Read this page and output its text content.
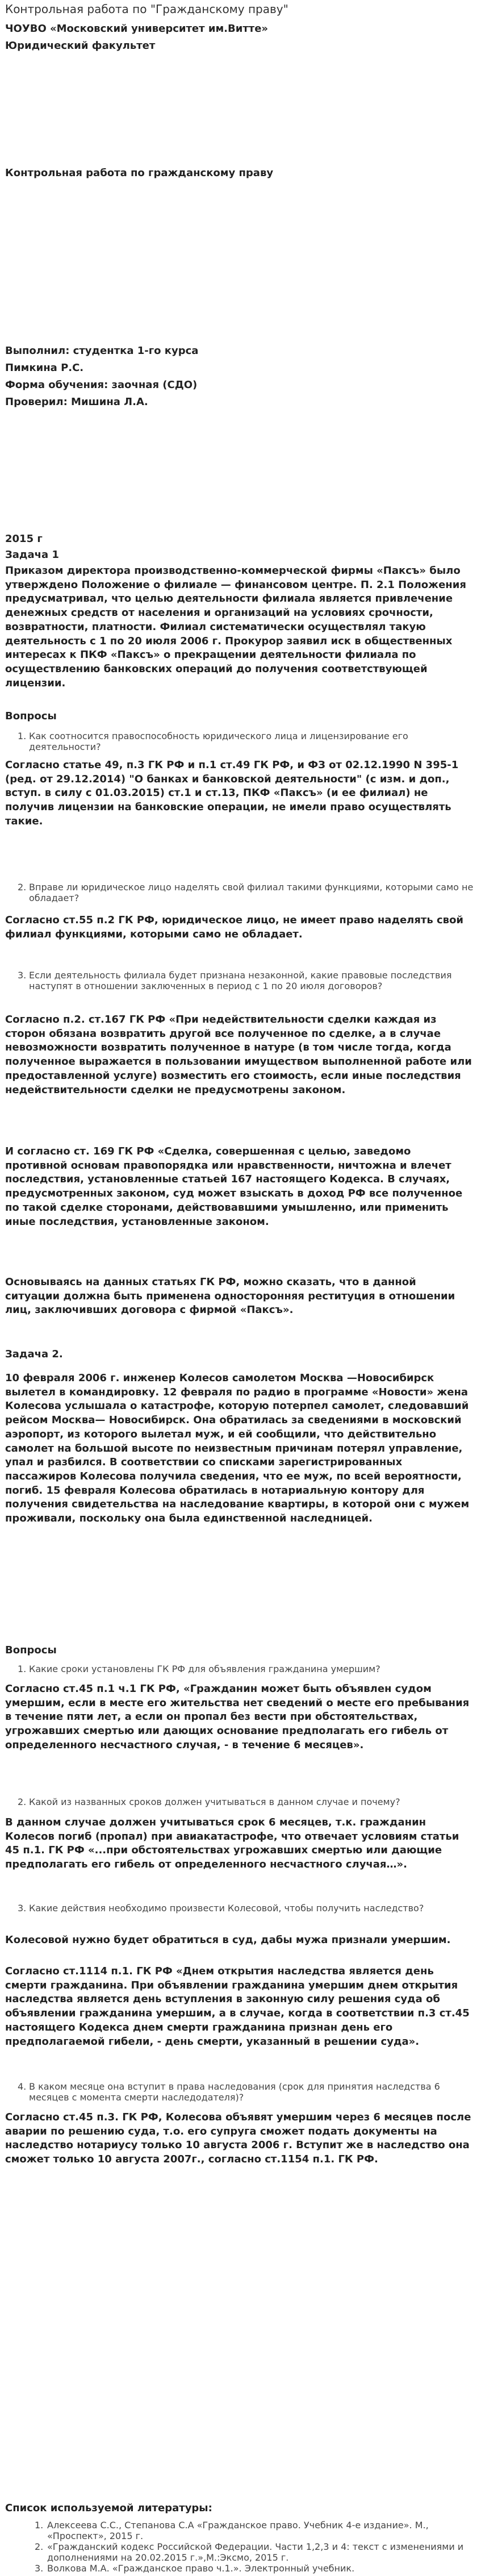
Контрольная работа по "Гражданскому праву"
ЧОУВО «Московский университет им.Витте»
Юридический факультет
Контрольная работа по гражданскому праву
Выполнил: студентка 1-го курса
Пимкина Р.С.
Форма обучения: заочная (СДО)
Проверил: Мишина Л.А.
2015 г
Задача 1
Приказом директора производственно-коммерческой фирмы «Паксъ» было утверждено Положение о филиале — финансовом центре. П. 2.1 Положения предусматривал, что целью деятельности филиала является привлечение денежных средств от населения и организаций на условиях срочности, возвратности, платности. Филиал систематически осуществлял такую деятельность с 1 по 20 июля 2006 г. Прокурор заявил иск в общественных интересах к ПКФ «Паксъ» о прекращении деятельности филиала по осуществлению банковских операций до получения соответствующей лицензии.
Вопросы
1. Как соотносится правоспособность юридического лица и лицензирование его деятельности?
Согласно статье 49, п.3 ГК РФ и п.1 ст.49 ГК РФ, и ФЗ от 02.12.1990 N 395-1 (ред. от 29.12.2014) "О банках и банковской деятельности" (с изм. и доп., вступ. в силу с 01.03.2015) ст.1 и ст.13, ПКФ «Паксъ» (и ее филиал) не получив лицензии на банковские операции, не имели право осуществлять такие.
2. Вправе ли юридическое лицо наделять свой филиал такими функциями, которыми само не обладает?
Согласно ст.55 п.2 ГК РФ, юридическое лицо, не имеет право наделять свой филиал функциями, которыми само не обладает.
3. Если деятельность филиала будет признана незаконной, какие правовые последствия наступят в отношении заключенных в период с 1 по 20 июля договоров?
Согласно п.2. ст.167 ГК РФ «При недействительности сделки каждая из сторон обязана возвратить другой все полученное по сделке, а в случае невозможности возвратить полученное в натуре (в том числе тогда, когда полученное выражается в пользовании имуществом выполненной работе или предоставленной услуге) возместить его стоимость, если иные последствия недействительности сделки не предусмотрены законом.
И согласно ст. 169 ГК РФ «Сделка, совершенная с целью, заведомо противной основам правопорядка или нравственности, ничтожна и влечет последствия, установленные статьей 167 настоящего Кодекса. В случаях, предусмотренных законом, суд может взыскать в доход РФ все полученное по такой сделке сторонами, действовавшими умышленно, или применить иные последствия, установленные законом.
Основываясь на данных статьях ГК РФ, можно сказать, что в данной ситуации должна быть применена односторонняя реституция в отношении лиц, заключивших договора с фирмой «Паксъ».
Задача 2.
10 февраля 2006 г. инженер Колесов самолетом Москва —Новосибирск вылетел в командировку. 12 февраля по радио в программе «Новости» жена Колесова услышала о катастрофе, которую потерпел самолет, следовавший рейсом Москва— Новосибирск. Она обратилась за сведениями в московский аэропорт, из которого вылетал муж, и ей сообщили, что действительно самолет на большой высоте по неизвестным причинам потерял управление, упал и разбился. В соответствии со списками зарегистрированных пассажиров Колесова получила сведения, что ее муж, по всей вероятности, погиб. 15 февраля Колесова обратилась в нотариальную контору для получения свидетельства на наследование квартиры, в которой они с мужем проживали, поскольку она была единственной наследницей.
Вопросы
1. Какие сроки установлены ГК РФ для объявления гражданина умершим?
Согласно ст.45 п.1 ч.1 ГК РФ, «Гражданин может быть объявлен судом умершим, если в месте его жительства нет сведений о месте его пребывания в течение пяти лет, а если он пропал без вести при обстоятельствах, угрожавших смертью или дающих основание предполагать его гибель от определенного несчастного случая, - в течение 6 месяцев».
2. Какой из названных сроков должен учитываться в данном случае и почему?
В данном случае должен учитываться срок 6 месяцев, т.к. гражданин Колесов погиб (пропал) при авиакатастрофе, что отвечает условиям статьи 45 п.1. ГК РФ «...при обстоятельствах угрожавших смертью или дающие предполагать его гибель от определенного несчастного случая…».
3. Какие действия необходимо произвести Колесовой, чтобы получить наследство?
Колесовой нужно будет обратиться в суд, дабы мужа признали умершим.
Согласно ст.1114 п.1. ГК РФ «Днем открытия наследства является день смерти гражданина. При объявлении гражданина умершим днем открытия наследства является день вступления в законную силу решения суда об объявлении гражданина умершим, а в случае, когда в соответствии п.3 ст.45 настоящего Кодекса днем смерти гражданина признан день его предполагаемой гибели, - день смерти, указанный в решении суда».
4. В каком месяце она вступит в права наследования (срок для принятия наследства 6 месяцев с момента смерти наследодателя)?
Согласно ст.45 п.3. ГК РФ, Колесова объявят умершим через 6 месяцев после аварии по решению суда, т.о. его супруга сможет подать документы на наследство нотариусу только 10 августа 2006 г. Вступит же в наследство она сможет только 10 августа 2007г., согласно ст.1154 п.1. ГК РФ.
Список используемой литературы:
1. Алексеева С.С., Степанова С.А «Гражданское право. Учебник 4-е издание». М., «Проспект», 2015 г.
2. «Гражданский кодекс Российской Федерации. Части 1,2,3 и 4: текст с изменениями и дополнениями на 20.02.2015 г.»,М.:Эксмо, 2015 г.
3. Волкова М.А. «Гражданское право ч.1.». Электронный учебник.
